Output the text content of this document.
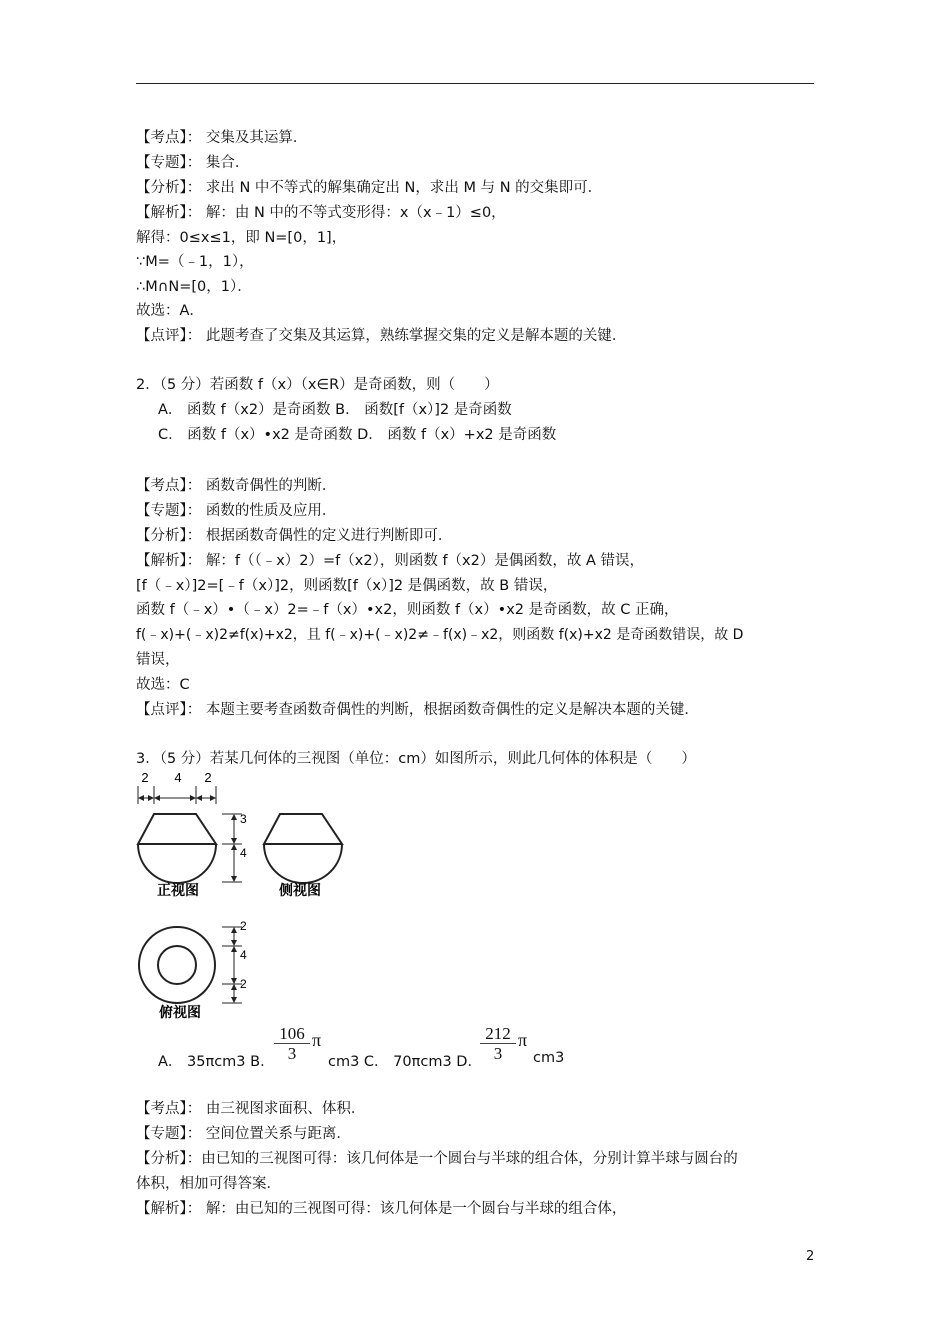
【考点】： 交集及其运算．
【专题】： 集合．
【分析】： 求出 N 中不等式的解集确定出 N，求出 M 与 N 的交集即可．
【解析】： 解：由 N 中的不等式变形得：x（x﹣1）≤0，
解得：0≤x≤1，即 N=[0，1]，
∵M=（﹣1，1），
∴M∩N=[0，1）．
故选：A．
【点评】： 此题考查了交集及其运算，熟练掌握交集的定义是解本题的关键．
2．（5 分）若函数 f（x）（x∈R）是奇函数，则（　　）
A． 函数 f（x2）是奇函数 B． 函数[f（x）]2 是奇函数
C． 函数 f（x）•x2 是奇函数 D． 函数 f（x）+x2 是奇函数
【考点】： 函数奇偶性的判断．
【专题】： 函数的性质及应用．
【分析】： 根据函数奇偶性的定义进行判断即可．
【解析】： 解：f（（﹣x）2）=f（x2），则函数 f（x2）是偶函数，故 A 错误，
[f（﹣x）]2=[﹣f（x）]2，则函数[f（x）]2 是偶函数，故 B 错误，
函数 f（﹣x）•（﹣x）2=﹣f（x）•x2，则函数 f（x）•x2 是奇函数，故 C 正确，
f(﹣x)+(﹣x)2≠f(x)+x2，且 f(﹣x)+(﹣x)2≠﹣f(x)﹣x2，则函数 f(x)+x2 是奇函数错误，故 D
错误，
故选：C
【点评】： 本题主要考查函数奇偶性的判断，根据函数奇偶性的定义是解决本题的关键．
3．（5 分）若某几何体的三视图（单位：cm）如图所示，则此几何体的体积是（　　）
2 4 2
3
4
正视图
2
4
2
俯视图
侧视图
A． 35πcm3 B． $\frac{106}{3}$ π
cm3 C． 70πcm3 D．
$\frac{212}{3}$ π
cm3
【考点】： 由三视图求面积、体积．
【专题】： 空间位置关系与距离．
【分析】：由已知的三视图可得：该几何体是一个圆台与半球的组合体，分别计算半球与圆台的
体积，相加可得答案．
【解析】： 解：由已知的三视图可得：该几何体是一个圆台与半球的组合体，
2
